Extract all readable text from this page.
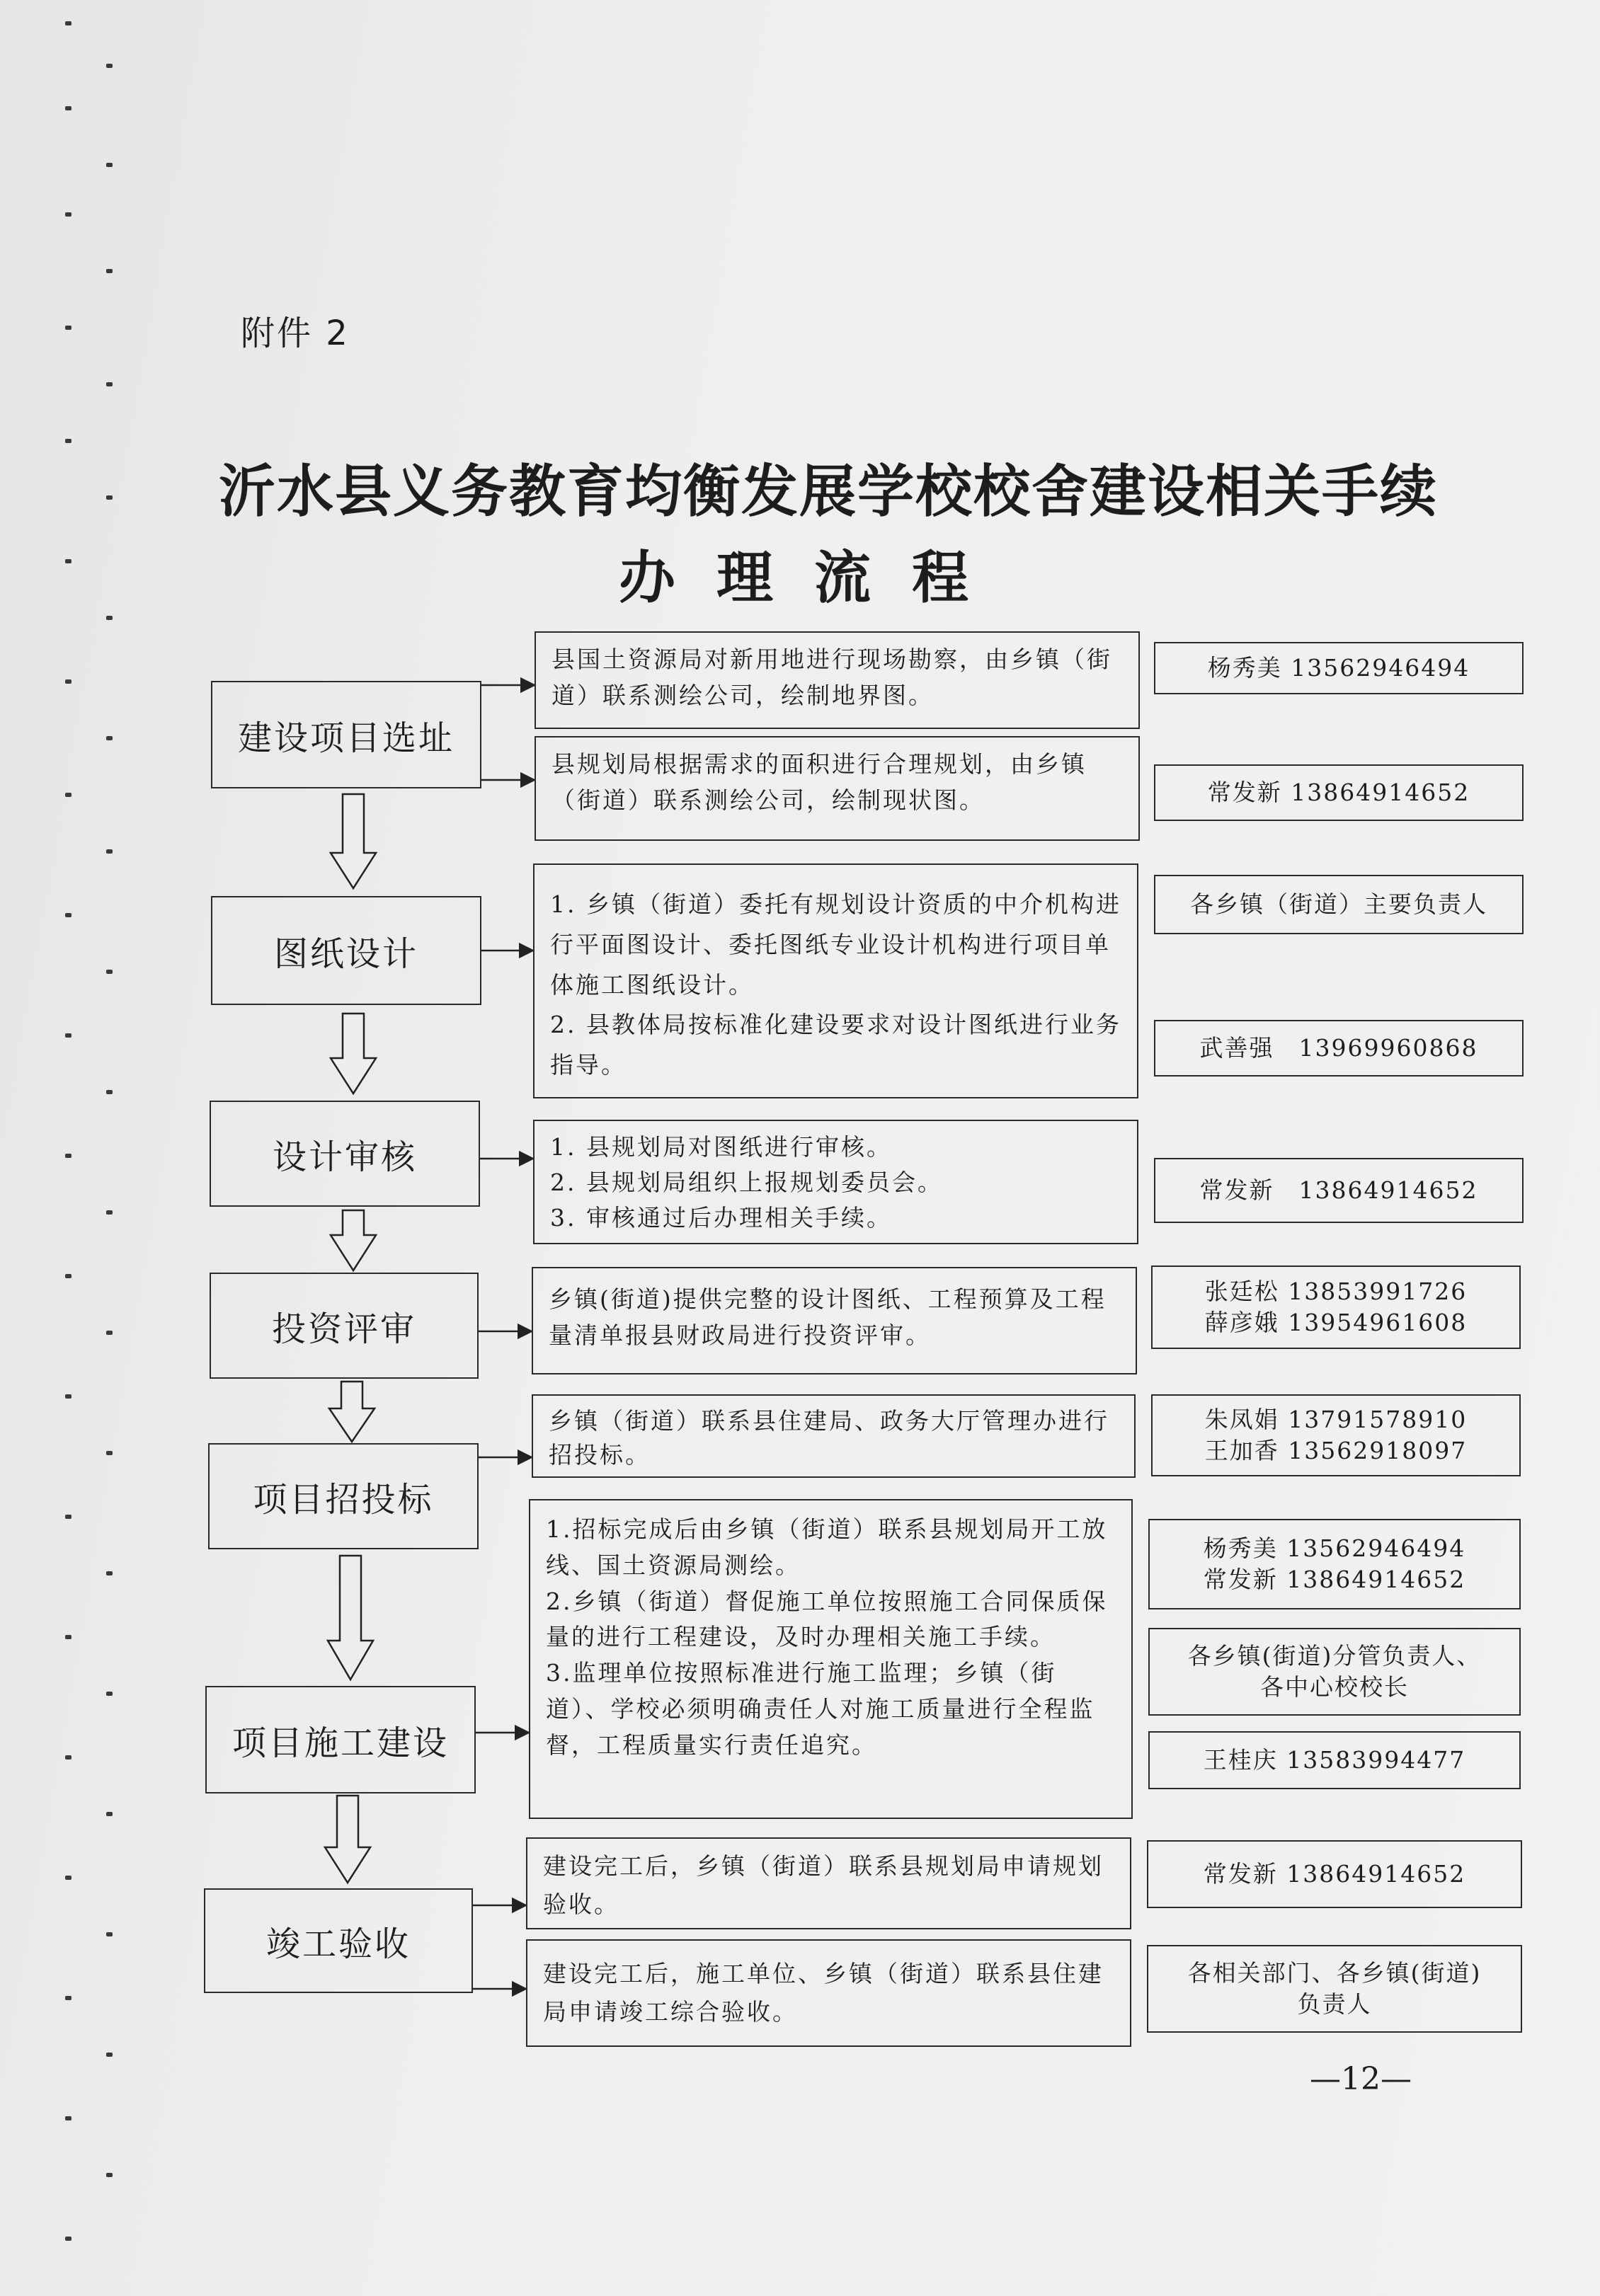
附件 2
沂水县义务教育均衡发展学校校舍建设相关手续
办理流程
建设项目选址

县国土资源局对新用地进行现场勘察，由乡镇（街道）联系测绘公司，绘制地界图。

杨秀美 13562946494

县规划局根据需求的面积进行合理规划，由乡镇（街道）联系测绘公司，绘制现状图。	常发新 13864914652
图纸设计

1. 乡镇（街道）委托有规划设计资质的中介机构进行平面图设计、委托图纸专业设计机构进行项目单体施工图纸设计。

2. 县教体局按标准化建设要求对设计图纸进行业务指导。

各乡镇（街道）主要负责人
武善强　13969960868
设计审核	1. 县规划局对图纸进行审核。

2. 县规划局组织上报规划委员会。

3. 审核通过后办理相关手续。

常发新　13864914652
投资评审

乡镇(街道)提供完整的设计图纸、工程预算及工程量清单报县财政局进行投资评审。

张廷松 13853991726
薛彦娥 13954961608
项目招投标

乡镇（街道）联系县住建局、政务大厅管理办进行招投标。

朱凤娟 13791578910
王加香 13562918097
项目施工建设

1.招标完成后由乡镇（街道）联系县规划局开工放线、国土资源局测绘。

2.乡镇（街道）督促施工单位按照施工合同保质保量的进行工程建设，及时办理相关施工手续。

3.监理单位按照标准进行施工监理；乡镇（街道）、学校必须明确责任人对施工质量进行全程监督，工程质量实行责任追究。

杨秀美 13562946494
常发新 13864914652
各乡镇(街道)分管负责人、
各中心校校长
王桂庆 13583994477
竣工验收

建设完工后，乡镇（街道）联系县规划局申请规划验收。

常发新 13864914652

建设完工后，施工单位、乡镇（街道）联系县住建局申请竣工综合验收。

各相关部门、各乡镇(街道)
负责人
—12—
